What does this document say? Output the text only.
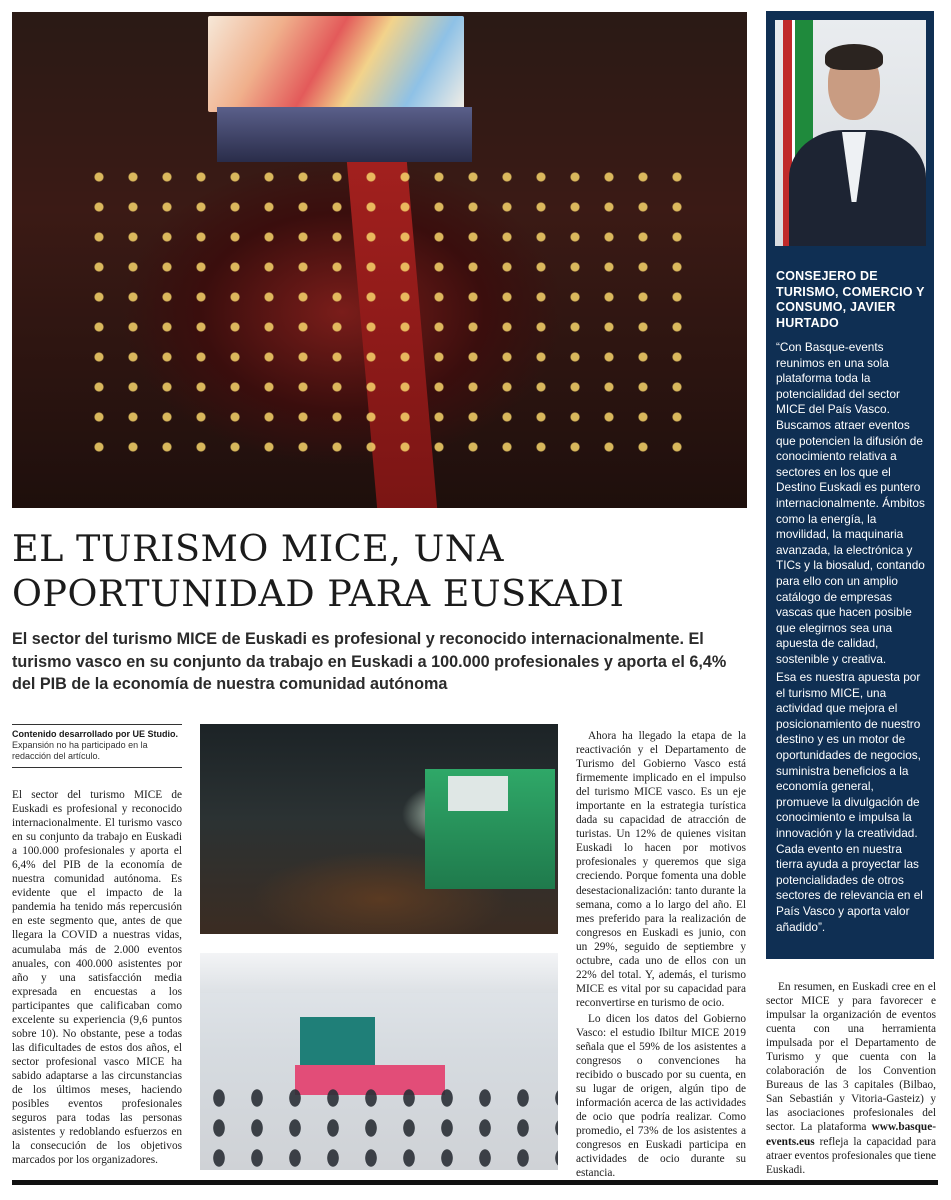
CONSEJERO DE TURISMO, COMERCIO Y CONSUMO, JAVIER HURTADO
“Con Basque-events reunimos en una sola plataforma toda la potencialidad del sector MICE del País Vasco. Buscamos atraer eventos que potencien la difusión de conocimiento relativa a sectores en los que el Destino Euskadi es puntero internacionalmente. Ámbitos como la energía, la movilidad, la maquinaria avanzada, la electrónica y TICs y la biosalud, contando para ello con un amplio catálogo de empresas vascas que hacen posible que elegirnos sea una apuesta de calidad, sostenible y creativa.
Esa es nuestra apuesta por el turismo MICE, una actividad que mejora el posicionamiento de nuestro destino y es un motor de oportunidades de negocios, suministra beneficios a la economía general, promueve la divulgación de conocimiento e impulsa la innovación y la creatividad. Cada evento en nuestra tierra ayuda a proyectar las potencialidades de otros sectores de relevancia en el País Vasco y aporta valor añadido”.
EL TURISMO MICE, UNA
OPORTUNIDAD PARA EUSKADI
El sector del turismo MICE de Euskadi es profesional y reconocido internacionalmente. El turismo vasco en su conjunto da trabajo en Euskadi a 100.000 profesionales y aporta el 6,4% del PIB de la economía de nuestra comunidad autónoma
Contenido desarrollado por UE Studio.
Expansión no ha participado en la redacción del artículo.

El sector del turismo MICE de Euskadi es profesional y reconocido internacionalmente. El turismo vasco en su conjunto da trabajo en Euskadi a 100.000 profesionales y aporta el 6,4% del PIB de la economía de nuestra comunidad autónoma. Es evidente que el impacto de la pandemia ha tenido más repercusión en este segmento que, antes de que llegara la COVID a nuestras vidas, acumulaba más de 2.000 eventos anuales, con 400.000 asistentes por año y una satisfacción media expresada en encuestas a los participantes que calificaban como excelente su experiencia (9,6 puntos sobre 10). No obstante, pese a todas las dificultades de estos dos años, el sector profesional vasco MICE ha sabido adaptarse a las circunstancias de los últimos meses, haciendo posibles eventos profesionales seguros para todas las personas asistentes y redoblando esfuerzos en la consecución de los objetivos marcados por los organizadores.

Ahora ha llegado la etapa de la reactivación y el Departamento de Turismo del Gobierno Vasco está firmemente implicado en el impulso del turismo MICE vasco. Es un eje importante en la estrategia turística dada su capacidad de atracción de turistas. Un 12% de quienes visitan Euskadi lo hacen por motivos profesionales y queremos que siga creciendo. Porque fomenta una doble desestacionalización: tanto durante la semana, como a lo largo del año. El mes preferido para la realización de congresos en Euskadi es junio, con un 29%, seguido de septiembre y octubre, cada uno de ellos con un 22% del total. Y, además, el turismo MICE es vital por su capacidad para reconvertirse en turismo de ocio.

Lo dicen los datos del Gobierno Vasco: el estudio Ibiltur MICE 2019 señala que el 59% de los asistentes a congresos o convenciones ha recibido o buscado por su cuenta, en su lugar de origen, algún tipo de información acerca de las actividades de ocio que podría realizar. Como promedio, el 73% de los asistentes a congresos en Euskadi participa en actividades de ocio durante su estancia.

En resumen, en Euskadi cree en el sector MICE y para favorecer e impulsar la organización de eventos cuenta con una herramienta impulsada por el Departamento de Turismo y que cuenta con la colaboración de los Convention Bureaus de las 3 capitales (Bilbao, San Sebastián y Vitoria-Gasteiz) y las asociaciones profesionales del sector. La plataforma www.basque-events.eus refleja la capacidad para atraer eventos profesionales que tiene Euskadi.
